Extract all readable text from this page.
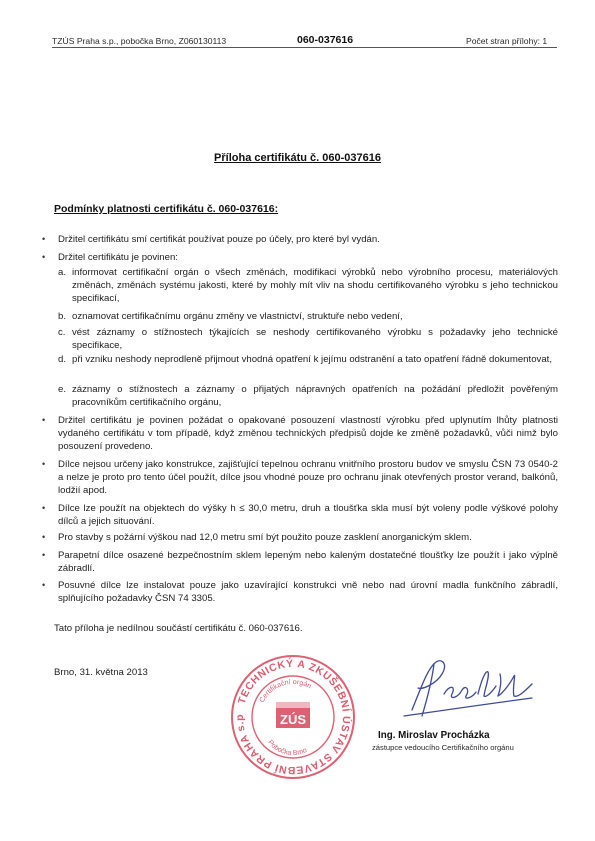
TZÚS Praha s.p., pobočka Brno, Z060130113	060-037616	Počet stran přílohy: 1
Příloha certifikátu č. 060-037616
Podmínky platnosti certifikátu č. 060-037616:
• Držitel certifikátu smí certifikát používat pouze po účely, pro které byl vydán.
• Držitel certifikátu je povinen:
a. informovat certifikační orgán o všech změnách, modifikaci výrobků nebo výrobního procesu, materiálových změnách, změnách systému jakosti, které by mohly mít vliv na shodu certifikovaného výrobku s jeho technickou specifikací,
b. oznamovat certifikačnímu orgánu změny ve vlastnictví, struktuře nebo vedení,
c. vést záznamy o stížnostech týkajících se neshody certifikovaného výrobku s požadavky jeho technické specifikace,
d. při vzniku neshody neprodleně přijmout vhodná opatření k jejímu odstranění a tato opatření řádně dokumentovat,
e. záznamy o stížnostech a záznamy o přijatých nápravných opatřeních na požádání předložit pověřeným pracovníkům certifikačního orgánu,
• Držitel certifikátu je povinen požádat o opakované posouzení vlastností výrobku před uplynutím lhůty platnosti vydaného certifikátu v tom případě, když změnou technických předpisů dojde ke změně požadavků, vůči nimž bylo posouzení provedeno.
• Dílce nejsou určeny jako konstrukce, zajišťující tepelnou ochranu vnitřního prostoru budov ve smyslu ČSN 73 0540-2 a nelze je proto pro tento účel použít, dílce jsou vhodné pouze pro ochranu jinak otevřených prostor verand, balkónů, lodžií apod.
• Dílce lze použít na objektech do výšky h ≤ 30,0 metru, druh a tloušťka skla musí být voleny podle výškové polohy dílců a jejich situování.
• Pro stavby s požární výškou nad 12,0 metru smí být použito pouze zasklení anorganickým sklem.
• Parapetní dílce osazené bezpečnostním sklem lepeným nebo kaleným dostatečné tloušťky lze použít i jako výplně zábradlí.
• Posuvné dílce lze instalovat pouze jako uzavírající konstrukci vně nebo nad úrovní madla funkčního zábradlí, splňujícího požadavky ČSN 74 3305.
Tato příloha je nedílnou součástí certifikátu č. 060-037616.
Brno, 31. května 2013
TECHNICKÝ A ZKUŠEBNÍ ÚSTAV STAVEBNÍ PRAHA s.p
Certifikační orgán
Pobočka Brno
ZÚS
Ing. Miroslav Procházka
zástupce vedoucího Certifikačního orgánu
